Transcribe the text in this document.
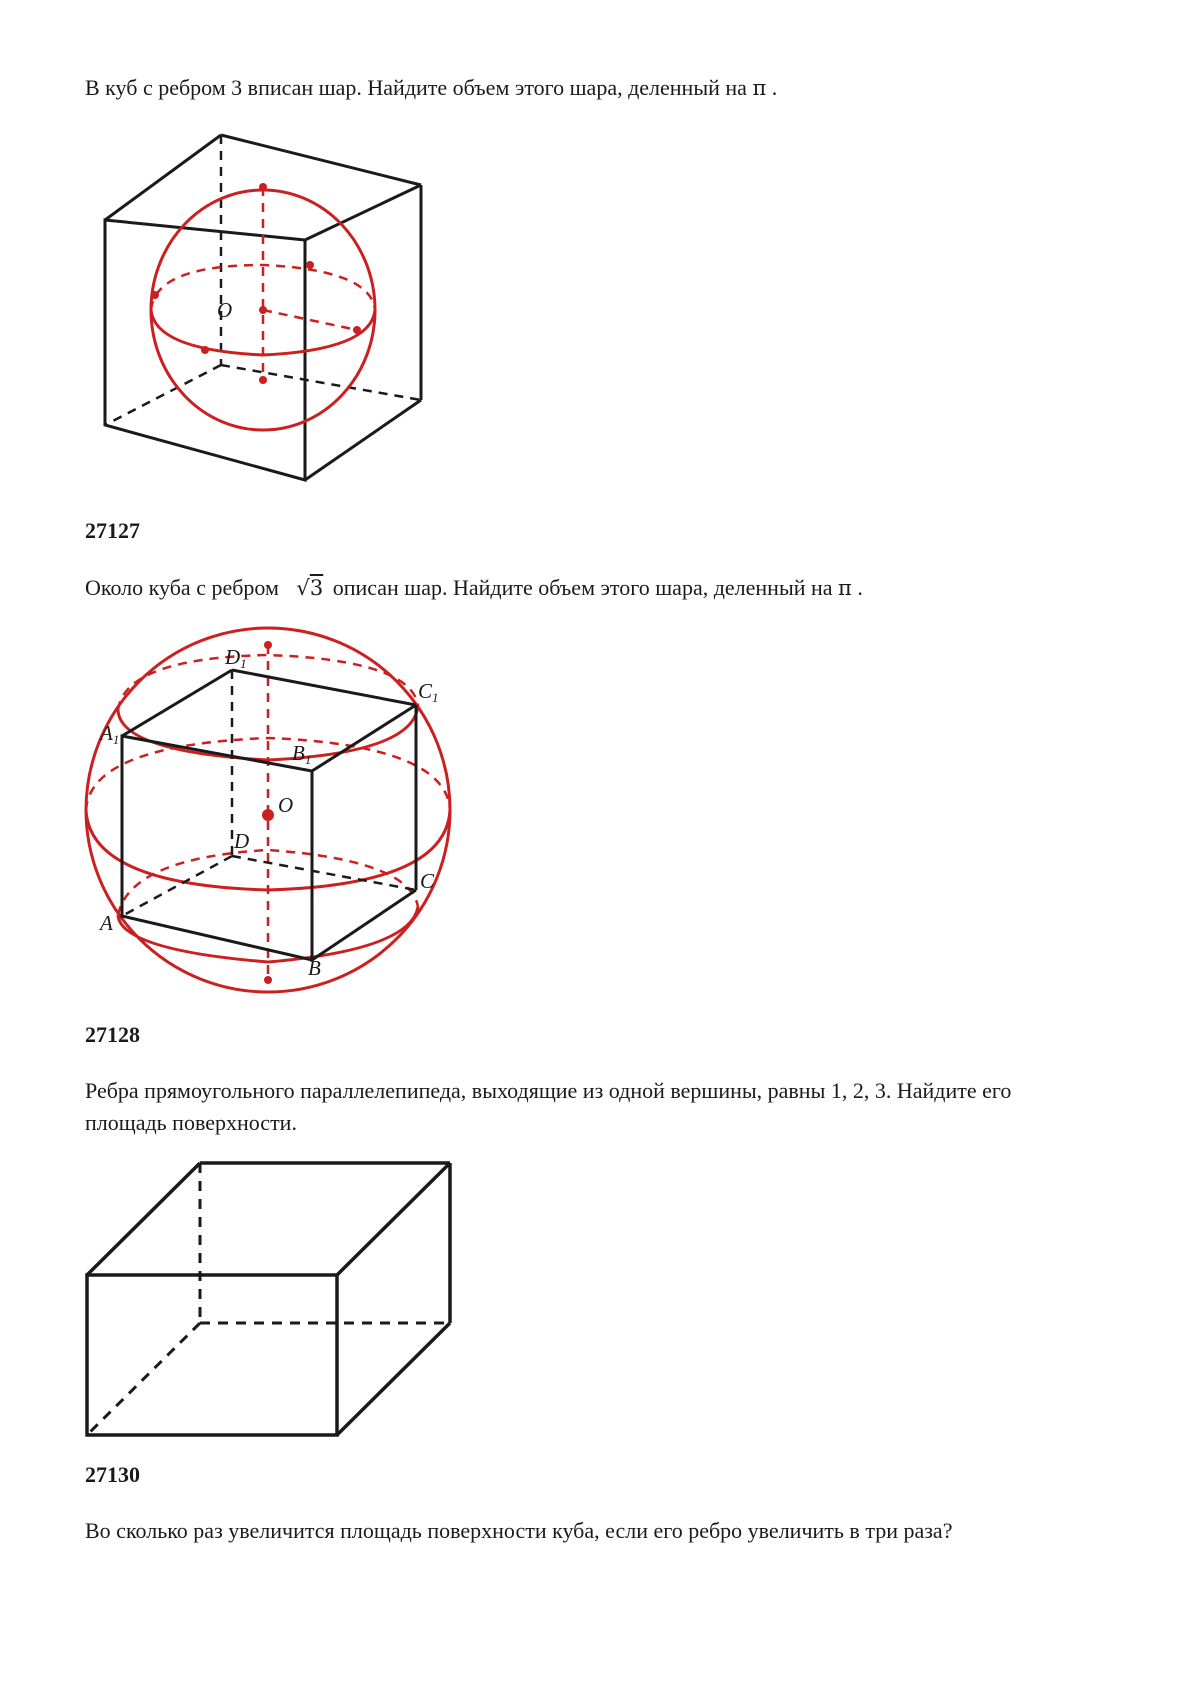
В куб с ребром 3 вписан шар. Найдите объем этого шара, деленный на π .

O

27127

Около куба с ребром √3 описан шар. Найдите объем этого шара, деленный на π .

D1
C1
A1
B1
O
D
C
A
B

27128

Ребра прямоугольного параллелепипеда, выходящие из одной вершины, равны 1, 2, 3. Найдите его

площадь поверхности.

27130

Во сколько раз увеличится площадь поверхности куба, если его ребро увеличить в три раза?
